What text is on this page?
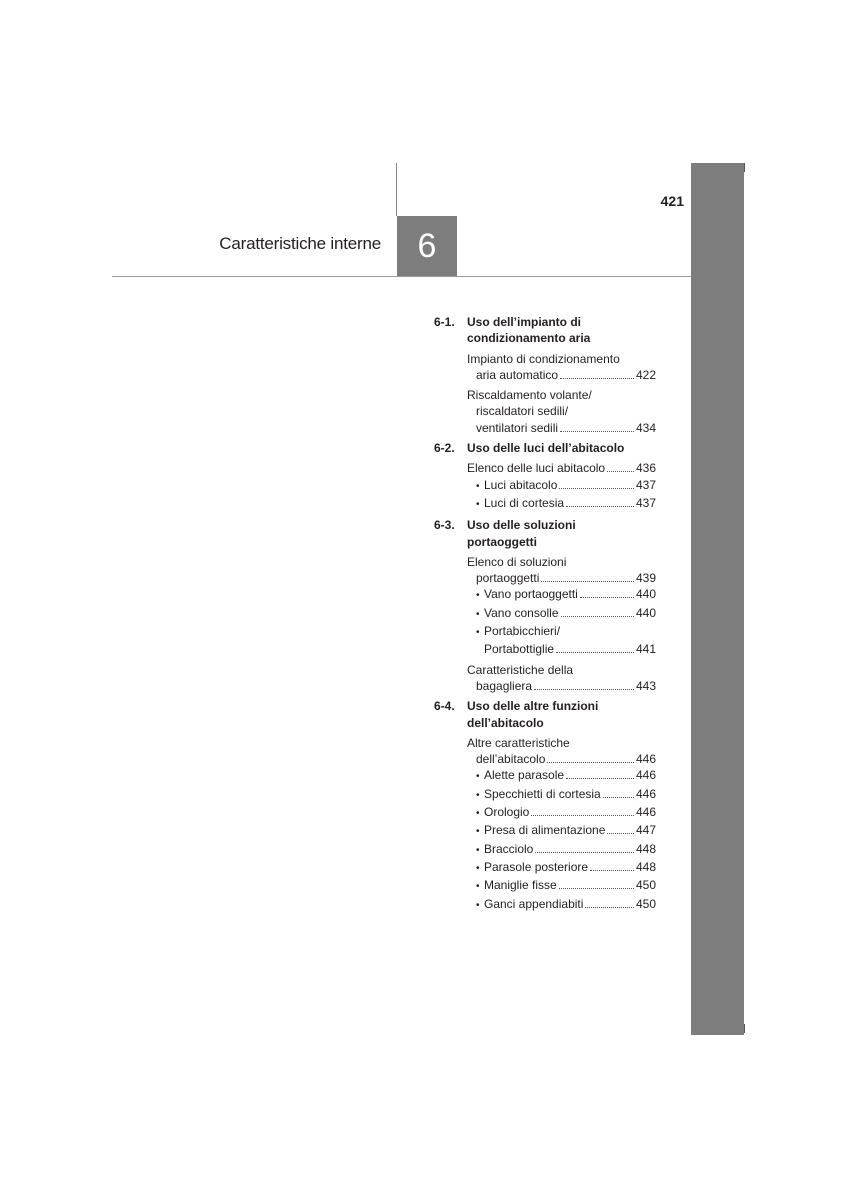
Caratteristiche interne	6
421
6-1.	Uso dell’impianto di
condizionamento aria
Impianto di condizionamento
aria automatico	422
Riscaldamento volante/
riscaldatori sedili/
ventilatori sedili	434
6-2.	Uso delle luci dell’abitacolo
Elenco delle luci abitacolo	436
• Luci abitacolo	437
• Luci di cortesia	437
6-3.	Uso delle soluzioni
portaoggetti
Elenco di soluzioni
portaoggetti	439
• Vano portaoggetti	440
• Vano consolle	440
• Portabicchieri/
Portabottiglie	441
Caratteristiche della
bagagliera	443
6-4.	Uso delle altre funzioni
dell’abitacolo
Altre caratteristiche
dell’abitacolo	446
• Alette parasole	446
• Specchietti di cortesia	446
• Orologio	446
• Presa di alimentazione	447
• Bracciolo	448
• Parasole posteriore	448
• Maniglie fisse	450
• Ganci appendiabiti	450
